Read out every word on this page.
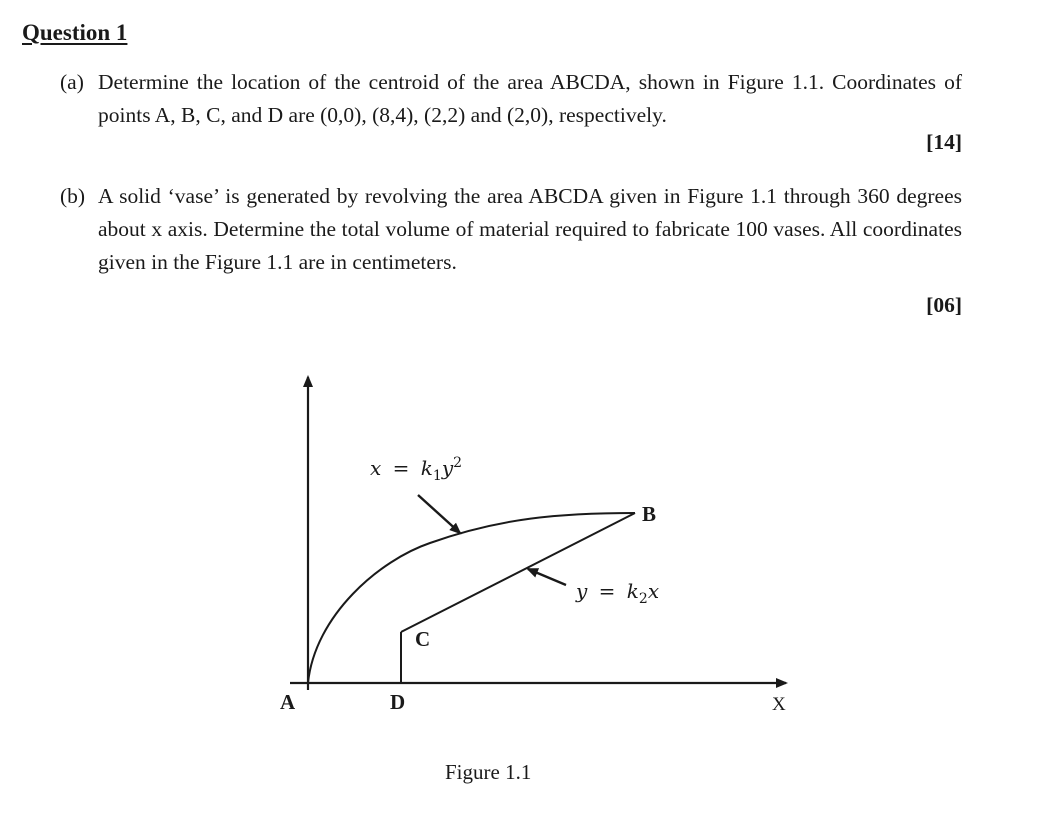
Question 1
(a) Determine the location of the centroid of the area ABCDA, shown in Figure 1.1. Coordinates of points A, B, C, and D are (0,0), (8,4), (2,2) and (2,0), respectively.
[14]
(b) A solid ‘vase’ is generated by revolving the area ABCDA given in Figure 1.1 through 360 degrees about x axis. Determine the total volume of material required to fabricate 100 vases. All coordinates given in the Figure 1.1 are in centimeters.
[06]
A
B
C
D	X
$x = k_1y^2$
$y = k_2x$
Figure 1.1
